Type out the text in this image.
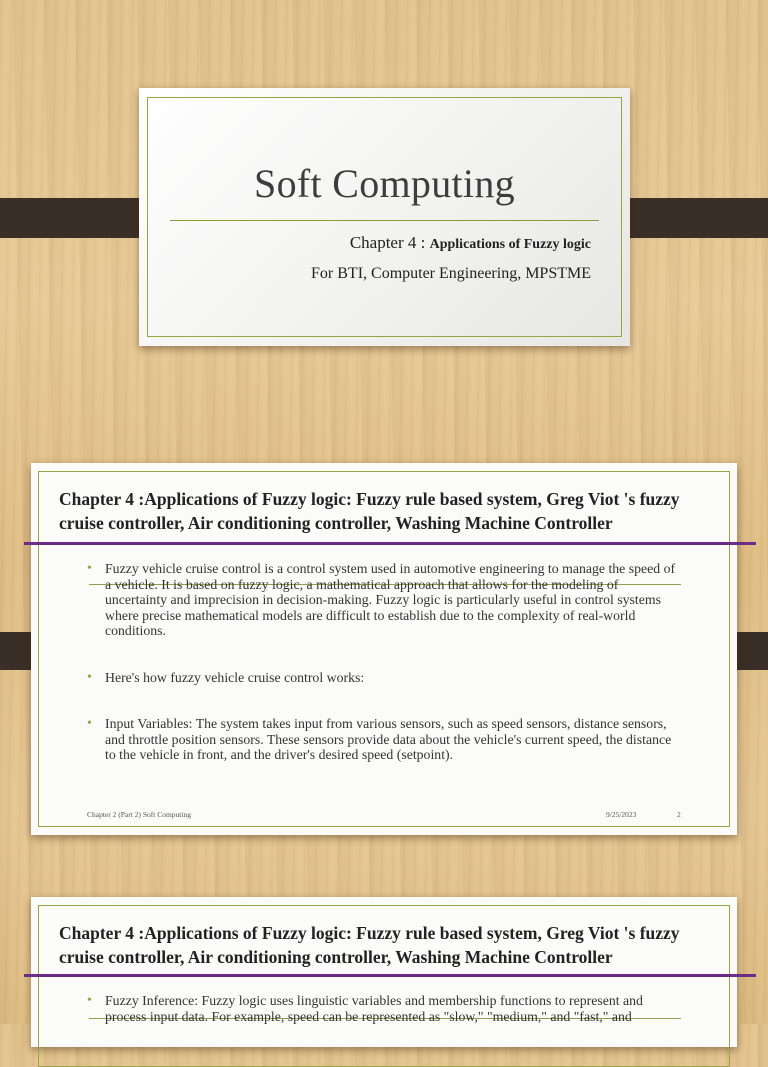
Soft Computing
Chapter 4 : Applications of Fuzzy logic
For BTI, Computer Engineering, MPSTME
Chapter 4 :Applications of Fuzzy logic: Fuzzy rule based system, Greg Viot 's fuzzy cruise controller, Air conditioning controller, Washing Machine Controller
• Fuzzy vehicle cruise control is a control system used in automotive engineering to manage the speed of a vehicle. It is based on fuzzy logic, a mathematical approach that allows for the modeling of uncertainty and imprecision in decision-making. Fuzzy logic is particularly useful in control systems where precise mathematical models are difficult to establish due to the complexity of real-world conditions.
• Here's how fuzzy vehicle cruise control works:
• Input Variables: The system takes input from various sensors, such as speed sensors, distance sensors, and throttle position sensors. These sensors provide data about the vehicle's current speed, the distance to the vehicle in front, and the driver's desired speed (setpoint).
Chapter 2 (Part 2) Soft Computing	9/25/2023	2
Chapter 4 :Applications of Fuzzy logic: Fuzzy rule based system, Greg Viot 's fuzzy cruise controller, Air conditioning controller, Washing Machine Controller
• Fuzzy Inference: Fuzzy logic uses linguistic variables and membership functions to represent and process input data. For example, speed can be represented as "slow," "medium," and "fast," and
